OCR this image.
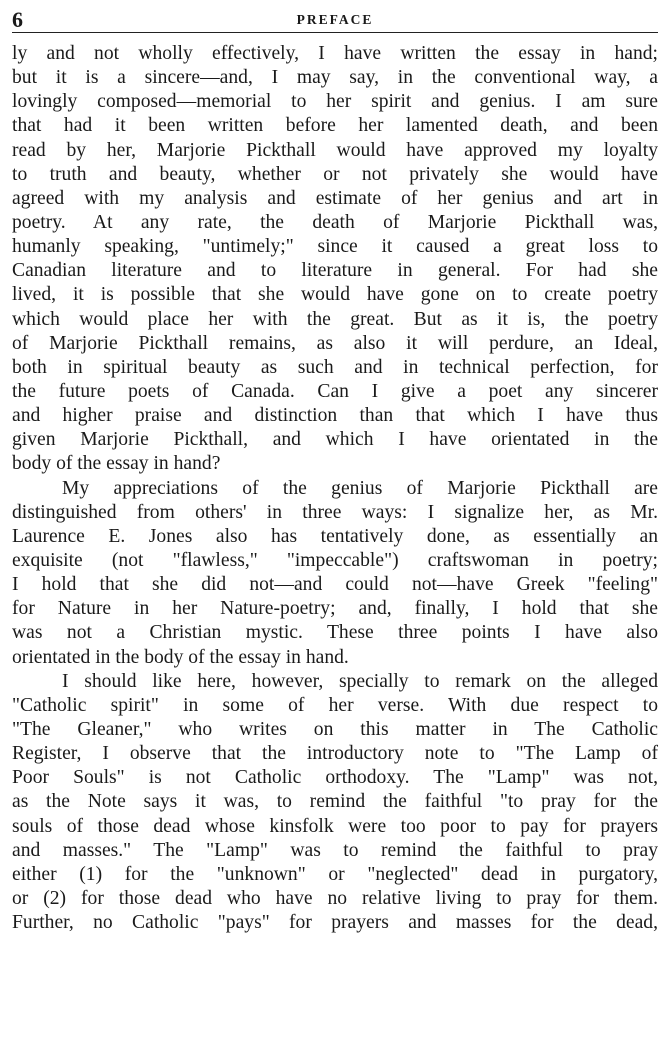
6	PREFACE
ly and not wholly effectively, I have written the essay in hand;
but it is a sincere—and, I may say, in the conventional way, a
lovingly composed—memorial to her spirit and genius. I am sure
that had it been written before her lamented death, and been
read by her, Marjorie Pickthall would have approved my loyalty
to truth and beauty, whether or not privately she would have
agreed with my analysis and estimate of her genius and art in
poetry. At any rate, the death of Marjorie Pickthall was,
humanly speaking, "untimely;" since it caused a great loss to
Canadian literature and to literature in general. For had she
lived, it is possible that she would have gone on to create poetry
which would place her with the great. But as it is, the poetry
of Marjorie Pickthall remains, as also it will perdure, an Ideal,
both in spiritual beauty as such and in technical perfection, for
the future poets of Canada. Can I give a poet any sincerer
and higher praise and distinction than that which I have thus
given Marjorie Pickthall, and which I have orientated in the
body of the essay in hand?
My appreciations of the genius of Marjorie Pickthall are
distinguished from others' in three ways: I signalize her, as Mr.
Laurence E. Jones also has tentatively done, as essentially an
exquisite (not "flawless," "impeccable") craftswoman in poetry;
I hold that she did not—and could not—have Greek "feeling"
for Nature in her Nature-poetry; and, finally, I hold that she
was not a Christian mystic. These three points I have also
orientated in the body of the essay in hand.
I should like here, however, specially to remark on the alleged
"Catholic spirit" in some of her verse. With due respect to
"The Gleaner," who writes on this matter in The Catholic
Register, I observe that the introductory note to "The Lamp of
Poor Souls" is not Catholic orthodoxy. The "Lamp" was not,
as the Note says it was, to remind the faithful "to pray for the
souls of those dead whose kinsfolk were too poor to pay for prayers
and masses." The "Lamp" was to remind the faithful to pray
either (1) for the "unknown" or "neglected" dead in purgatory,
or (2) for those dead who have no relative living to pray for them.
Further, no Catholic "pays" for prayers and masses for the dead,
